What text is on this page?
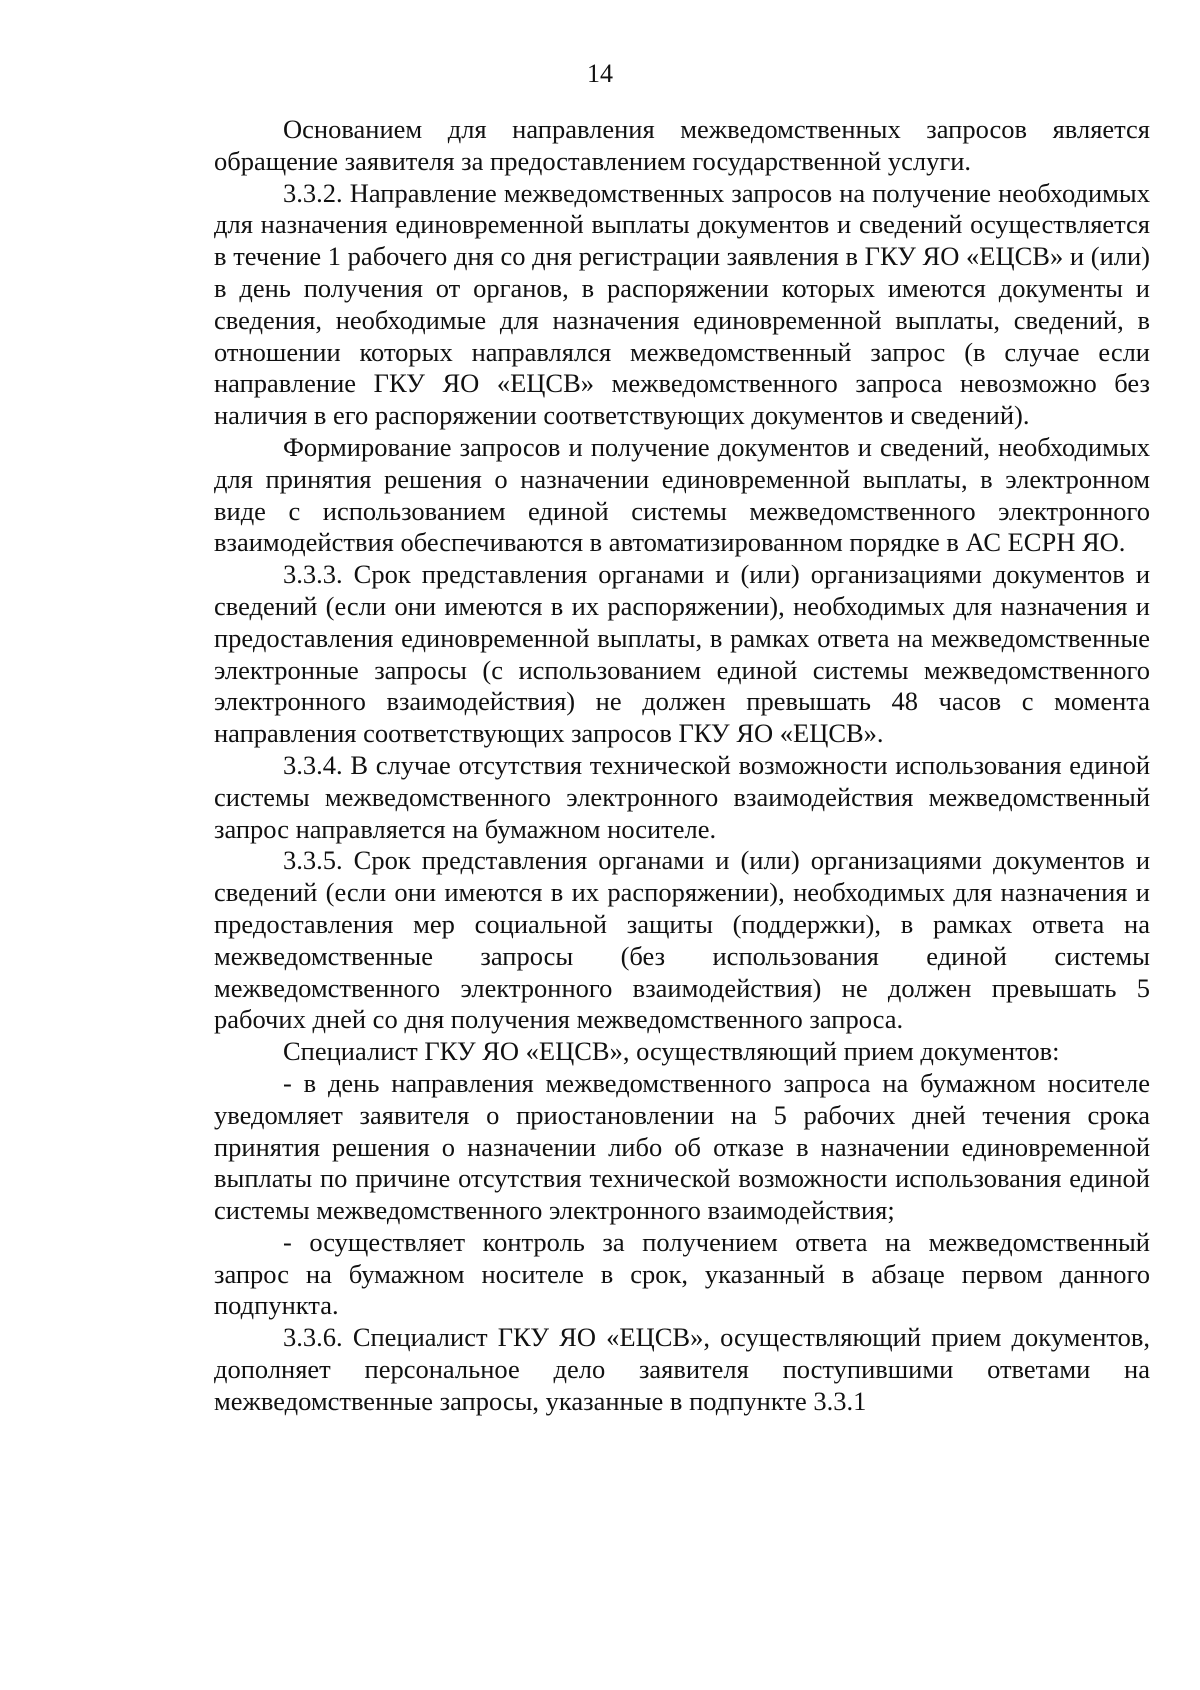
14

Основанием для направления межведомственных запросов является обращение заявителя за предоставлением государственной услуги.

3.3.2. Направление межведомственных запросов на получение необходимых для назначения единовременной выплаты документов и сведений осуществляется в течение 1 рабочего дня со дня регистрации заявления в ГКУ ЯО «ЕЦСВ» и (или) в день получения от органов, в распоряжении которых имеются документы и сведения, необходимые для назначения единовременной выплаты, сведений, в отношении которых направлялся межведомственный запрос (в случае если направление ГКУ ЯО «ЕЦСВ» межведомственного запроса невозможно без наличия в его распоряжении соответствующих документов и сведений).

Формирование запросов и получение документов и сведений, необходимых для принятия решения о назначении единовременной выплаты, в электронном виде с использованием единой системы межведомственного электронного взаимодействия обеспечиваются в автоматизированном порядке в АС ЕСРН ЯО.

3.3.3. Срок представления органами и (или) организациями документов и сведений (если они имеются в их распоряжении), необходимых для назначения и предоставления единовременной выплаты, в рамках ответа на межведомственные электронные запросы (с использованием единой системы межведомственного электронного взаимодействия) не должен превышать 48 часов с момента направления соответствующих запросов ГКУ ЯО «ЕЦСВ».

3.3.4. В случае отсутствия технической возможности использования единой системы межведомственного электронного взаимодействия межведомственный запрос направляется на бумажном носителе.

3.3.5. Срок представления органами и (или) организациями документов и сведений (если они имеются в их распоряжении), необходимых для назначения и предоставления мер социальной защиты (поддержки), в рамках ответа на межведомственные запросы (без использования единой системы межведомственного электронного взаимодействия) не должен превышать 5 рабочих дней со дня получения межведомственного запроса.

Специалист ГКУ ЯО «ЕЦСВ», осуществляющий прием документов:

- в день направления межведомственного запроса на бумажном носителе уведомляет заявителя о приостановлении на 5 рабочих дней течения срока принятия решения о назначении либо об отказе в назначении единовременной выплаты по причине отсутствия технической возможности использования единой системы межведомственного электронного взаимодействия;

- осуществляет контроль за получением ответа на межведомственный запрос на бумажном носителе в срок, указанный в абзаце первом данного подпункта.

3.3.6. Специалист ГКУ ЯО «ЕЦСВ», осуществляющий прием документов, дополняет персональное дело заявителя поступившими ответами на межведомственные запросы, указанные в подпункте 3.3.1
